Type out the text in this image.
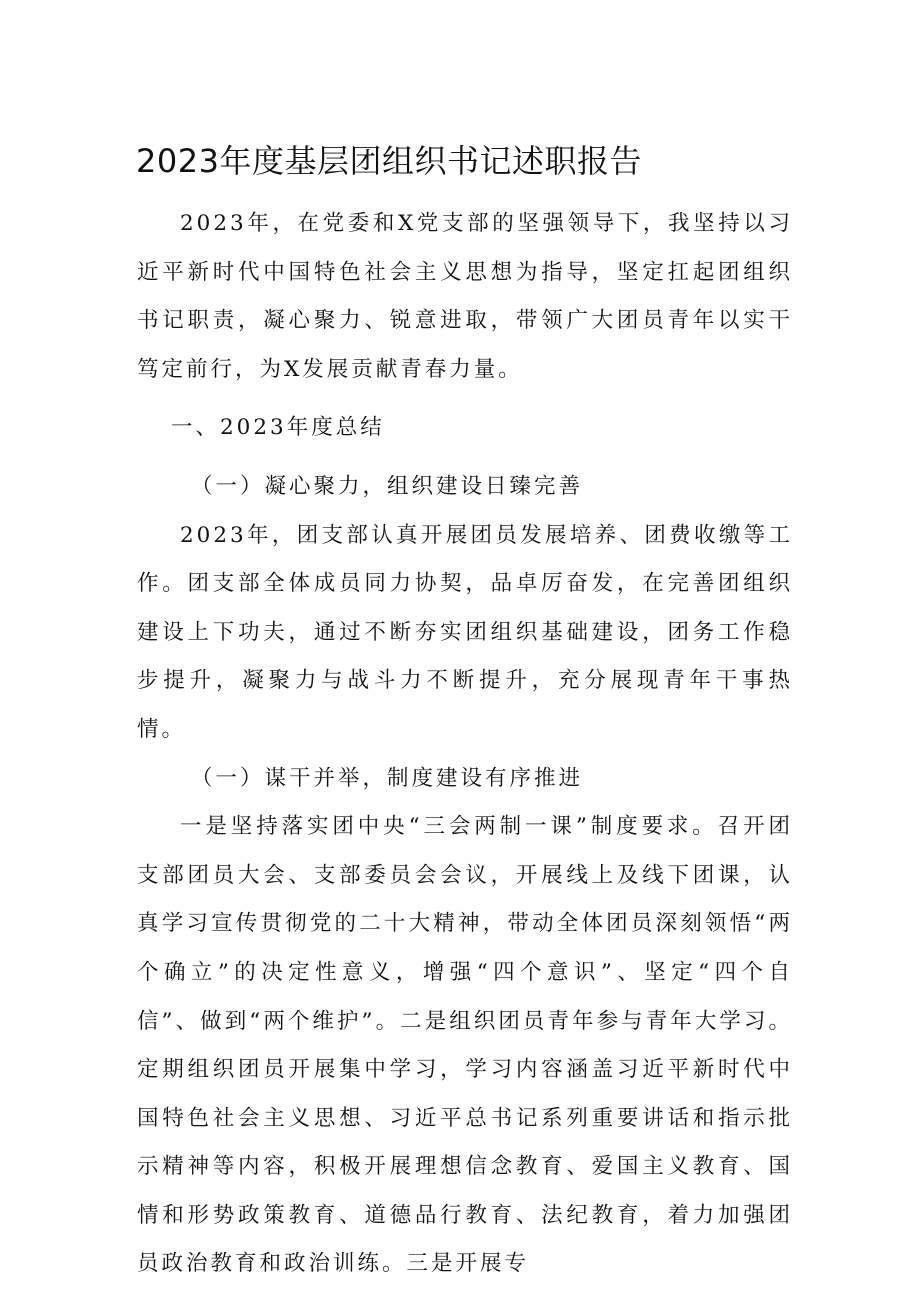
2023年度基层团组织书记述职报告

2023年，在党委和X党支部的坚强领导下，我坚持以习近平新时代中国特色社会主义思想为指导，坚定扛起团组织书记职责，凝心聚力、锐意进取，带领广大团员青年以实干笃定前行，为X发展贡献青春力量。

一、2023年度总结

（一）凝心聚力，组织建设日臻完善

2023年，团支部认真开展团员发展培养、团费收缴等工作。团支部全体成员同力协契，品卓厉奋发，在完善团组织建设上下功夫，通过不断夯实团组织基础建设，团务工作稳步提升，凝聚力与战斗力不断提升，充分展现青年干事热情。

（一）谋干并举，制度建设有序推进

一是坚持落实团中央“三会两制一课”制度要求。召开团支部团员大会、支部委员会会议，开展线上及线下团课，认真学习宣传贯彻党的二十大精神，带动全体团员深刻领悟“两个确立”的决定性意义，增强“四个意识”、坚定“四个自信”、做到“两个维护”。二是组织团员青年参与青年大学习。定期组织团员开展集中学习，学习内容涵盖习近平新时代中国特色社会主义思想、习近平总书记系列重要讲话和指示批示精神等内容，积极开展理想信念教育、爱国主义教育、国情和形势政策教育、道德品行教育、法纪教育，着力加强团员政治教育和政治训练。三是开展专
